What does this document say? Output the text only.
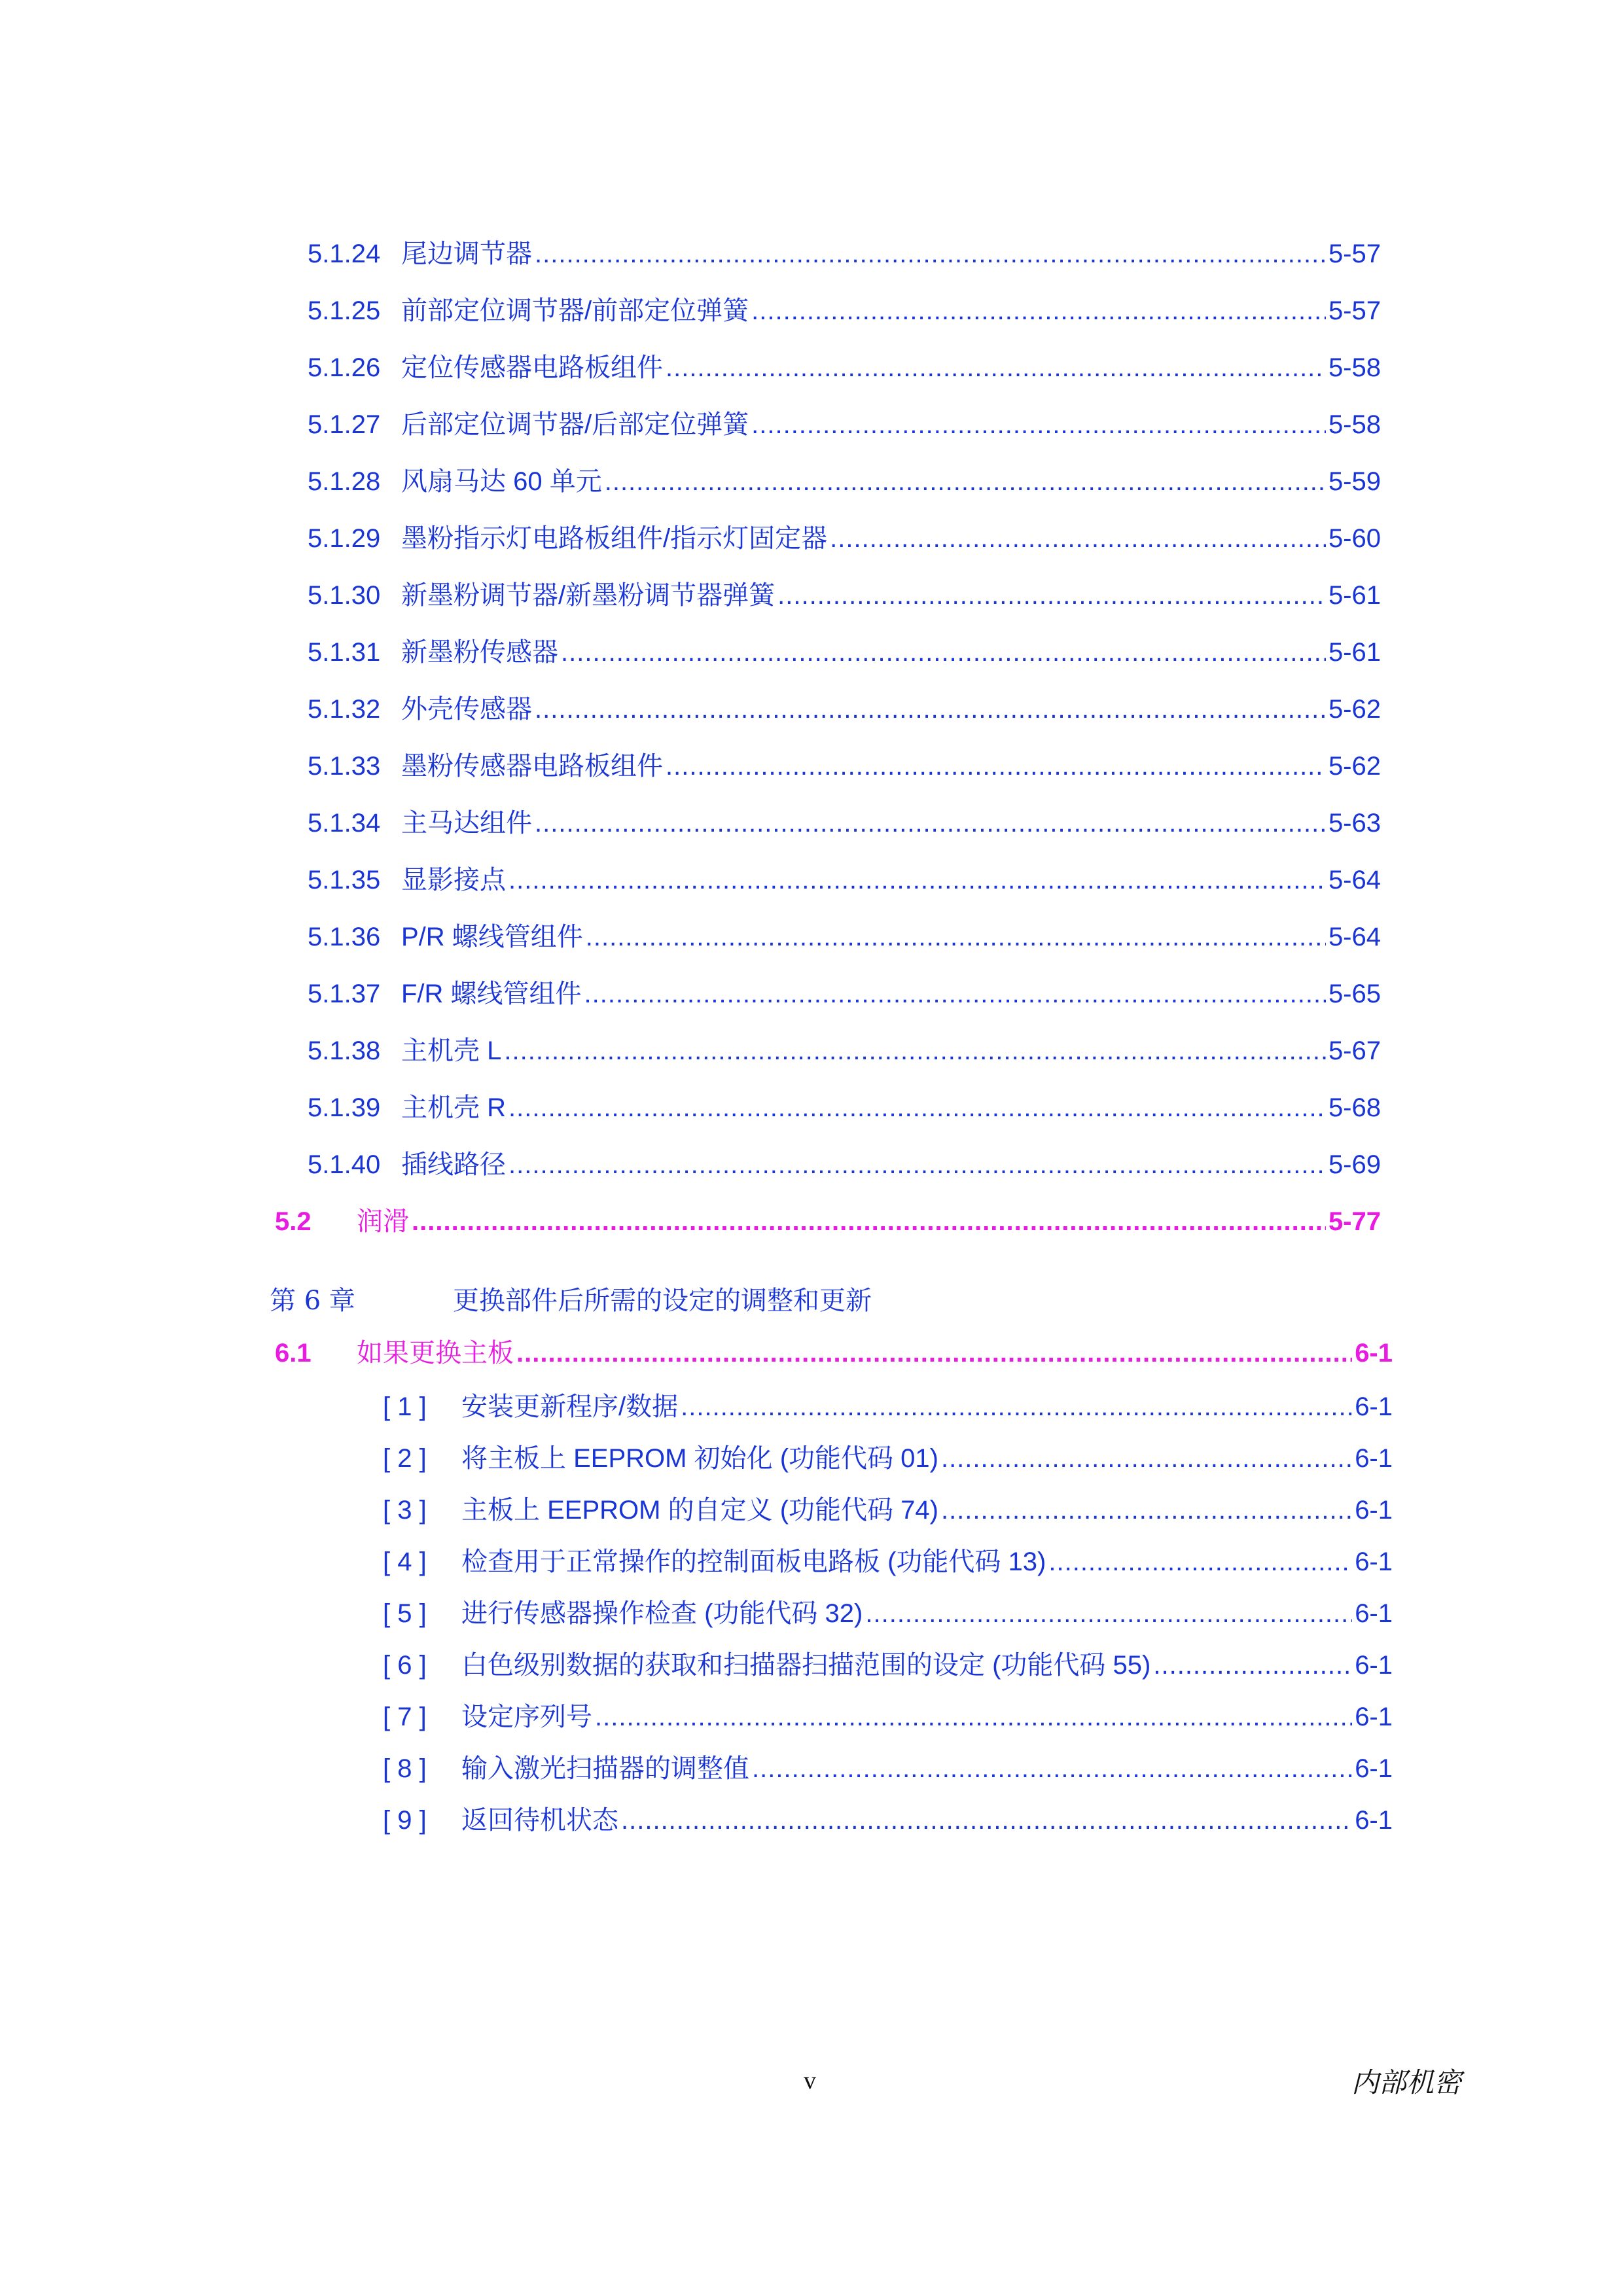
5.1.24 尾边调节器 .....	5-57
5.1.25 前部定位调节器/前部定位弹簧 .....	5-57
5.1.26 定位传感器电路板组件 .....	5-58
5.1.27 后部定位调节器/后部定位弹簧 .....	5-58
5.1.28 风扇马达 60 单元 .....	5-59
5.1.29 墨粉指示灯电路板组件/指示灯固定器 .....	5-60
5.1.30 新墨粉调节器/新墨粉调节器弹簧 .....	5-61
5.1.31 新墨粉传感器 .....	5-61
5.1.32 外壳传感器 .....	5-62
5.1.33 墨粉传感器电路板组件 .....	5-62
5.1.34 主马达组件 .....	5-63
5.1.35 显影接点 .....	5-64
5.1.36 P/R 螺线管组件 .....	5-64
5.1.37 F/R 螺线管组件 .....	5-65
5.1.38 主机壳 L .....	5-67
5.1.39 主机壳 R .....	5-68
5.1.40 插线路径 .....	5-69
5.2	润滑 .....	5-77
第 6 章	更换部件后所需的设定的调整和更新
6.1	如果更换主板 .....	6-1
[ 1 ]	安装更新程序/数据 .....	6-1
[ 2 ]	将主板上 EEPROM 初始化 (功能代码 01) .....	6-1
[ 3 ]	主板上 EEPROM 的自定义 (功能代码 74) .....	6-1
[ 4 ]	检查用于正常操作的控制面板电路板 (功能代码 13) .....	6-1
[ 5 ]	进行传感器操作检查 (功能代码 32) .....	6-1
[ 6 ]	白色级别数据的获取和扫描器扫描范围的设定 (功能代码 55) .....	6-1
[ 7 ]	设定序列号 .....	6-1
[ 8 ]	输入激光扫描器的调整值 .....	6-1
[ 9 ]	返回待机状态 .....	6-1
v	内部机密
